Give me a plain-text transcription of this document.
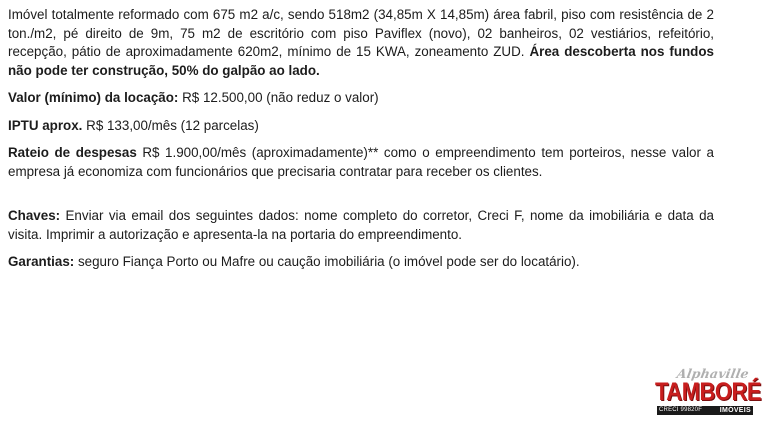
Imóvel totalmente reformado com 675 m2 a/c, sendo 518m2 (34,85m X 14,85m) área fabril, piso com resistência de 2 ton./m2, pé direito de 9m, 75 m2 de escritório com piso Paviflex (novo), 02 banheiros, 02 vestiários, refeitório, recepção, pátio de aproximadamente 620m2, mínimo de 15 KWA, zoneamento ZUD. Área descoberta nos fundos não pode ter construção, 50% do galpão ao lado.

Valor (mínimo) da locação: R$ 12.500,00 (não reduz o valor)

IPTU aprox. R$ 133,00/mês (12 parcelas)

Rateio de despesas R$ 1.900,00/mês (aproximadamente)** como o empreendimento tem porteiros, nesse valor a empresa já economiza com funcionários que precisaria contratar para receber os clientes.

Chaves: Enviar via email dos seguintes dados: nome completo do corretor, Creci F, nome da imobiliária e data da visita. Imprimir a autorização e apresenta-la na portaria do empreendimento.

Garantias: seguro Fiança Porto ou Mafre ou caução imobiliária (o imóvel pode ser do locatário).

Alphaville
TAMBORÉ
CRECI 99820F	IMÓVEIS
